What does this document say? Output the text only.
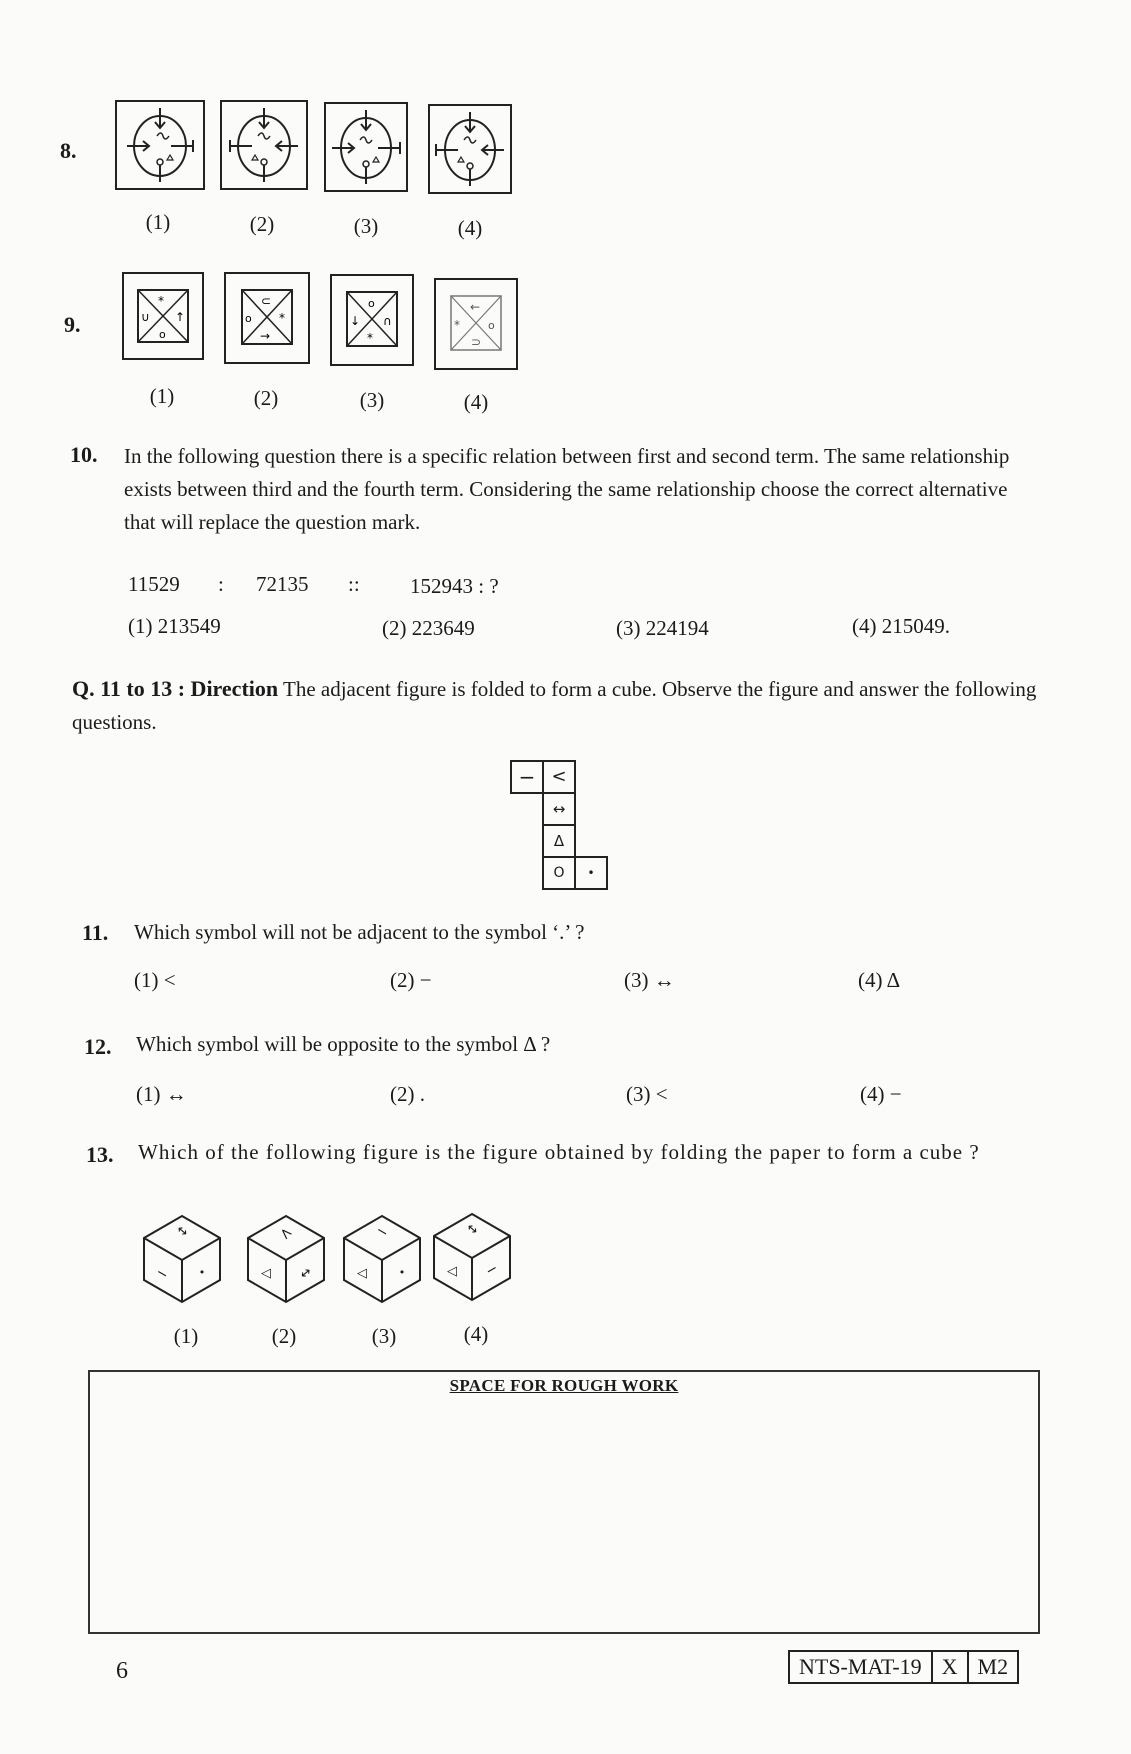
8.
(1)	(2)	(3)	(4)
9.
*
∪ ↑
o
⊂
o *
→
o
↓ ∩
*
←
*	o
⊃
(1)	(2)	(3)	(4)
10. In the following question there is a specific relation between first and second term. The same relationship exists between third and the fourth term. Considering the same relationship choose the correct alternative that will replace the question mark.
11529 : 72135 :: 152943 : ?
(1) 213549	(2) 223649	(3) 224194	(4) 215049.
Q. 11 to 13 : Direction The adjacent figure is folded to form a cube. Observe the figure and answer the following questions.
− <
↔
Δ
O	•
11. Which symbol will not be adjacent to the symbol ‘.’ ?
(1) <	(2) −	(3) ↔	(4) Δ
12. Which symbol will be opposite to the symbol Δ ?
(1) ↔	(2) .	(3) <	(4) −
13. Which of the following figure is the figure obtained by folding the paper to form a cube ?
↔
−	•
<
◁	↔
−
◁	•
↔
◁	−
(1)	(2)	(3)	(4)
SPACE FOR ROUGH WORK
6	NTS-MAT-19 X M2
